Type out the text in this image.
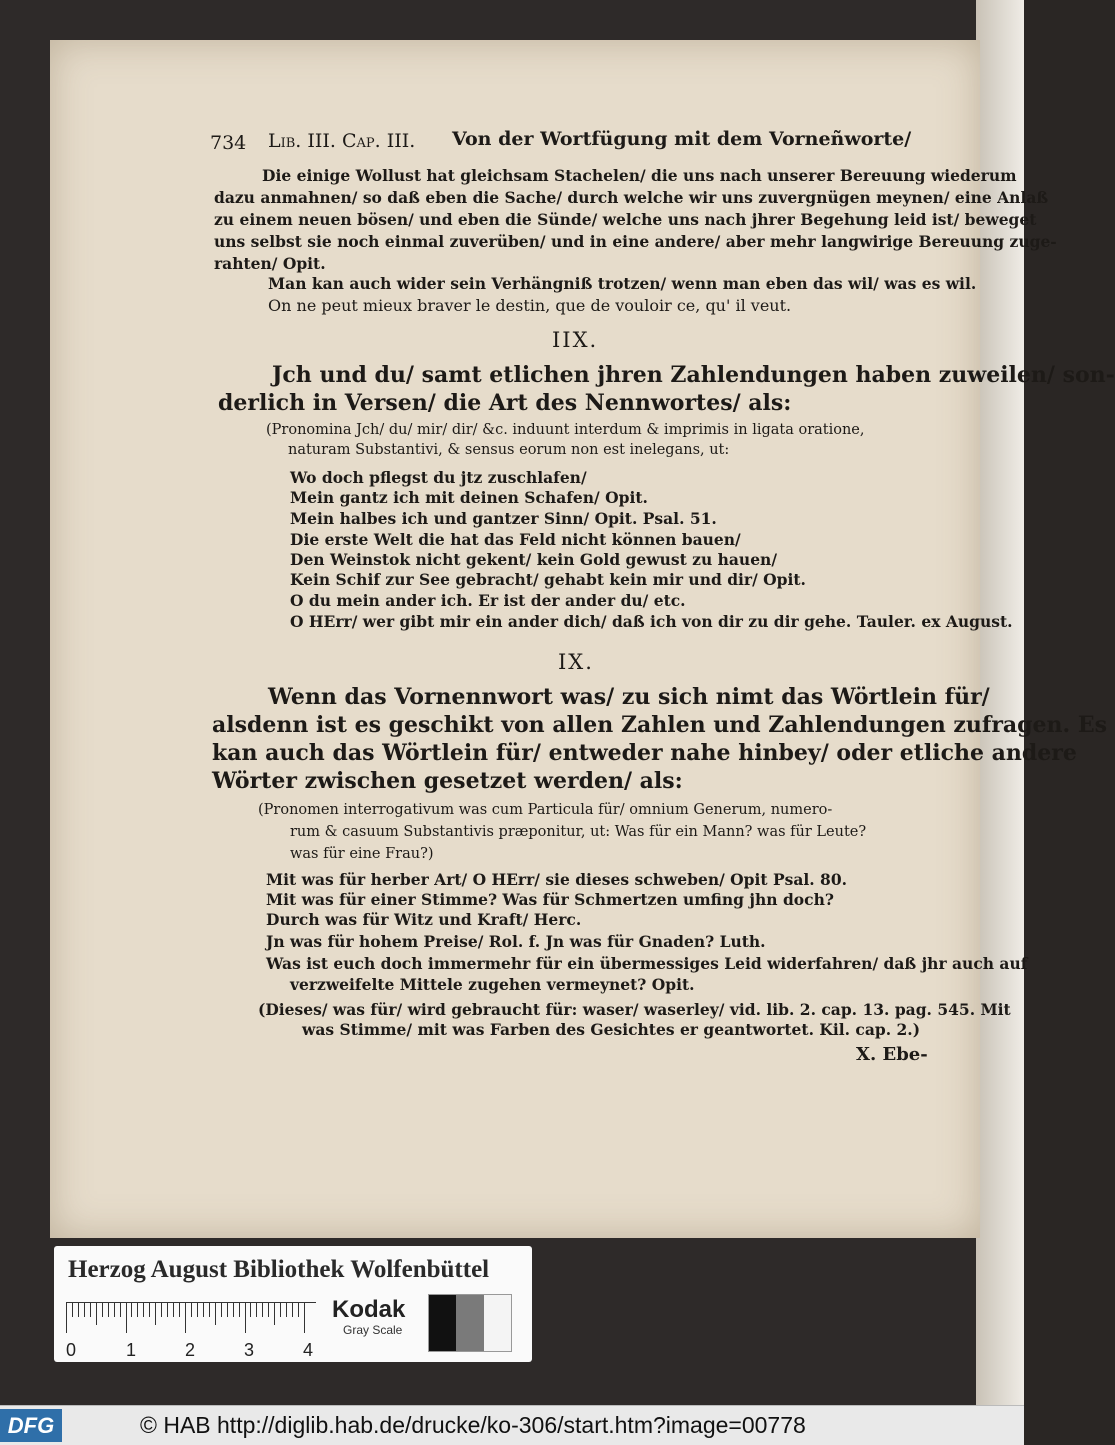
734 Lib. III. Cap. III. Von der Wortfügung mit dem Vorneñworte/
Die einige Wollust hat gleichsam Stachelen/ die uns nach unserer Bereuung wiederum
dazu anmahnen/ so daß eben die Sache/ durch welche wir uns zuvergnügen meynen/ eine Anlaß
zu einem neuen bösen/ und eben die Sünde/ welche uns nach jhrer Begehung leid ist/ beweget
uns selbst sie noch einmal zuverüben/ und in eine andere/ aber mehr langwirige Bereuung zuge-
rahten/ Opit.
Man kan auch wider sein Verhängniß trotzen/ wenn man eben das wil/ was es wil.
On ne peut mieux braver le destin, que de vouloir ce, qu' il veut.
IIX.
Jch und du/ samt etlichen jhren Zahlendungen haben zuweilen/ son-
derlich in Versen/ die Art des Nennwortes/ als:
(Pronomina Jch/ du/ mir/ dir/ &c. induunt interdum & imprimis in ligata oratione,
naturam Substantivi, & sensus eorum non est inelegans, ut:
Wo doch pflegst du jtz zuschlafen/
Mein gantz ich mit deinen Schafen/ Opit.
Mein halbes ich und gantzer Sinn/ Opit. Psal. 51.
Die erste Welt die hat das Feld nicht können bauen/
Den Weinstok nicht gekent/ kein Gold gewust zu hauen/
Kein Schif zur See gebracht/ gehabt kein mir und dir/ Opit.
O du mein ander ich. Er ist der ander du/ etc.
O HErr/ wer gibt mir ein ander dich/ daß ich von dir zu dir gehe. Tauler. ex August.
IX.
Wenn das Vornennwort was/ zu sich nimt das Wörtlein für/
alsdenn ist es geschikt von allen Zahlen und Zahlendungen zufragen. Es
kan auch das Wörtlein für/ entweder nahe hinbey/ oder etliche andere
Wörter zwischen gesetzet werden/ als:
(Pronomen interrogativum was cum Particula für/ omnium Generum, numero-
rum & casuum Substantivis præponitur, ut: Was für ein Mann? was für Leute?
was für eine Frau?)
Mit was für herber Art/ O HErr/ sie dieses schweben/ Opit Psal. 80.
Mit was für einer Stimme? Was für Schmertzen umfing jhn doch?
Durch was für Witz und Kraft/ Herc.
Jn was für hohem Preise/ Rol. f. Jn was für Gnaden? Luth.
Was ist euch doch immermehr für ein übermessiges Leid widerfahren/ daß jhr auch auf
verzweifelte Mittele zugehen vermeynet? Opit.
(Dieses/ was für/ wird gebraucht für: waser/ waserley/ vid. lib. 2. cap. 13. pag. 545. Mit
was Stimme/ mit was Farben des Gesichtes er geantwortet. Kil. cap. 2.)
X. Ebe-
Herzog August Bibliothek Wolfenbüttel
0	1	2	3	4
Kodak
Gray Scale
DFG	© HAB http://diglib.hab.de/drucke/ko-306/start.htm?image=00778
